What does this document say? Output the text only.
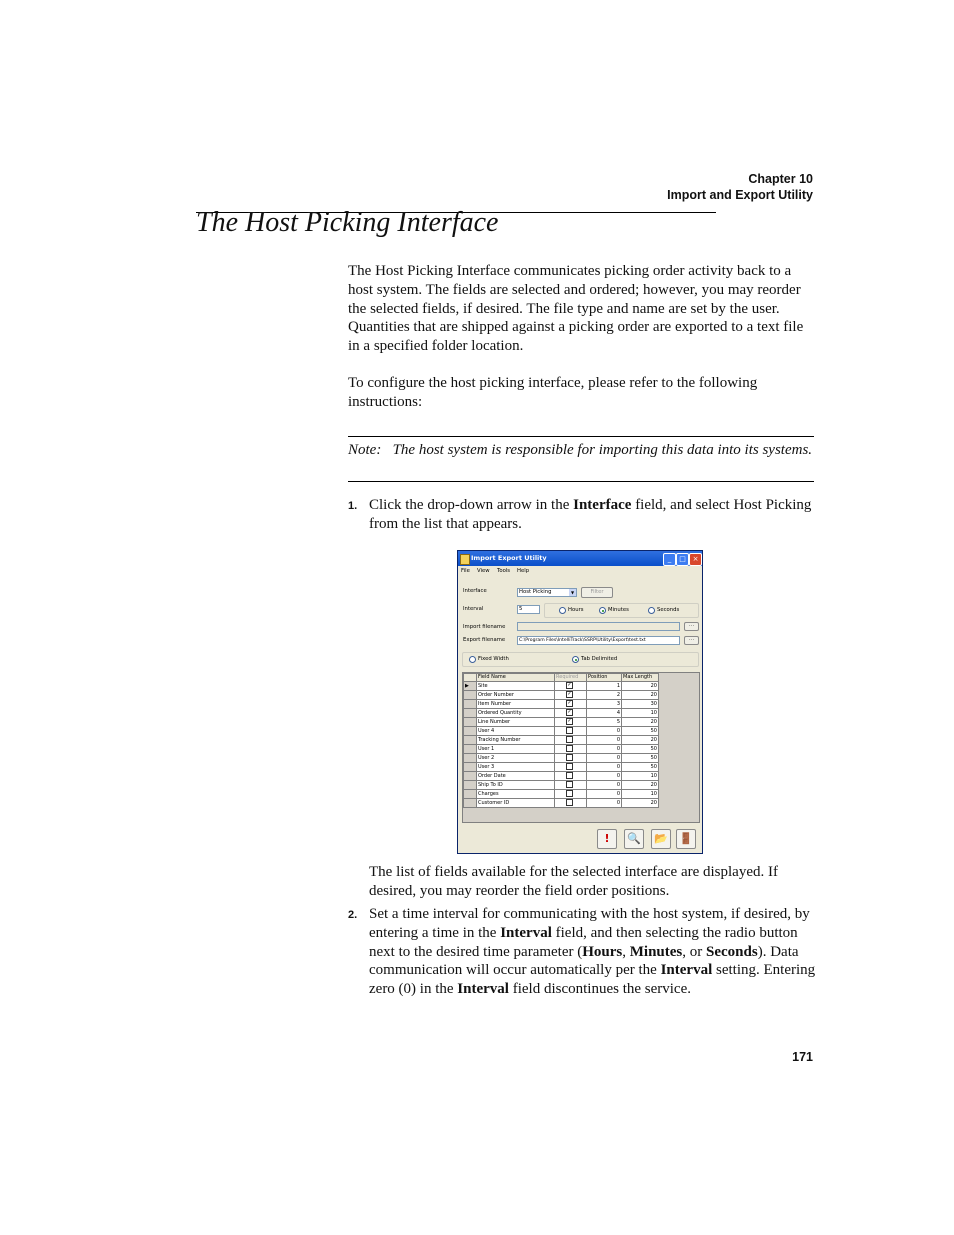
Chapter 10
Import and Export Utility
The Host Picking Interface
The Host Picking Interface communicates picking order activity back to a host system. The fields are selected and ordered; however, you may reorder the selected fields, if desired. The file type and name are set by the user. Quantities that are shipped against a picking order are exported to a text file in a specified folder location.
To configure the host picking interface, please refer to the following instructions:
Note: The host system is responsible for importing this data into its systems.
1. Click the drop-down arrow in the Interface field, and select Host Picking from the list that appears.
Import Export Utility	_	□ ×
File View Tools Help
Interface	Host Picking	▼	Filter
Interval	5	Hours	Minutes	Seconds
Import filename	…
Export filename	C:\Program Files\IntelliTrack\SSRP\Utility\Export\test.txt	…
Fixed Width	Tab Delimited
	Field Name	Required	Position	Max Length
▶	Site	✓	1	20
	Order Number	✓	2	20
	Item Number	✓	3	30
	Ordered Quantity	✓	4	10
	Line Number	✓	5	20
	User 4		0	50
	Tracking Number		0	20
	User 1		0	50
	User 2		0	50
	User 3		0	50
	Order Date		0	10
	Ship To ID		0	20
	Charges		0	10
	Customer ID		0	20
!	🔍 📂 🚪
The list of fields available for the selected interface are displayed. If desired, you may reorder the field order positions.
2. Set a time interval for communicating with the host system, if desired, by entering a time in the Interval field, and then selecting the radio button next to the desired time parameter (Hours, Minutes, or Seconds). Data communication will occur automatically per the Interval setting. Entering zero (0) in the Interval field discontinues the service.
171
